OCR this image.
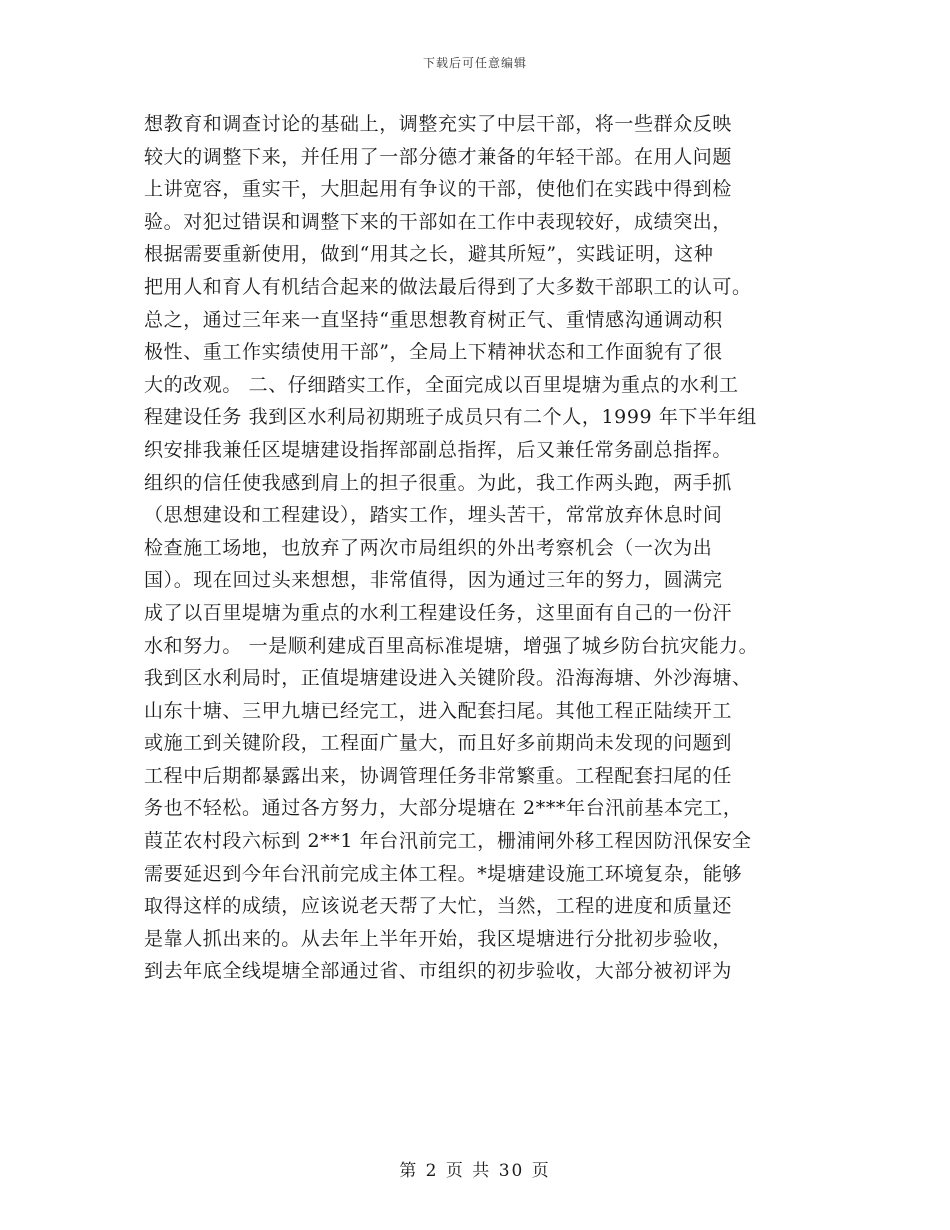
下载后可任意编辑
想教育和调查讨论的基础上，调整充实了中层干部，将一些群众反映
较大的调整下来，并任用了一部分德才兼备的年轻干部。在用人问题
上讲宽容，重实干，大胆起用有争议的干部，使他们在实践中得到检
验。对犯过错误和调整下来的干部如在工作中表现较好，成绩突出，
根据需要重新使用，做到“用其之长，避其所短”，实践证明，这种
把用人和育人有机结合起来的做法最后得到了大多数干部职工的认可。
总之，通过三年来一直坚持“重思想教育树正气、重情感沟通调动积
极性、重工作实绩使用干部”，全局上下精神状态和工作面貌有了很
大的改观。 二、仔细踏实工作，全面完成以百里堤塘为重点的水利工
程建设任务 我到区水利局初期班子成员只有二个人，1999 年下半年组
织安排我兼任区堤塘建设指挥部副总指挥，后又兼任常务副总指挥。
组织的信任使我感到肩上的担子很重。为此，我工作两头跑，两手抓
（思想建设和工程建设），踏实工作，埋头苦干，常常放弃休息时间
检查施工场地，也放弃了两次市局组织的外出考察机会（一次为出
国）。现在回过头来想想，非常值得，因为通过三年的努力，圆满完
成了以百里堤塘为重点的水利工程建设任务，这里面有自己的一份汗
水和努力。 一是顺利建成百里高标准堤塘，增强了城乡防台抗灾能力。
我到区水利局时，正值堤塘建设进入关键阶段。沿海海塘、外沙海塘、
山东十塘、三甲九塘已经完工，进入配套扫尾。其他工程正陆续开工
或施工到关键阶段，工程面广量大，而且好多前期尚未发现的问题到
工程中后期都暴露出来，协调管理任务非常繁重。工程配套扫尾的任
务也不轻松。通过各方努力，大部分堤塘在 2***年台汛前基本完工，
葭芷农村段六标到 2**1 年台汛前完工，栅浦闸外移工程因防汛保安全
需要延迟到今年台汛前完成主体工程。*堤塘建设施工环境复杂，能够
取得这样的成绩，应该说老天帮了大忙，当然，工程的进度和质量还
是靠人抓出来的。从去年上半年开始，我区堤塘进行分批初步验收，
到去年底全线堤塘全部通过省、市组织的初步验收，大部分被初评为
第 2 页 共 30 页
